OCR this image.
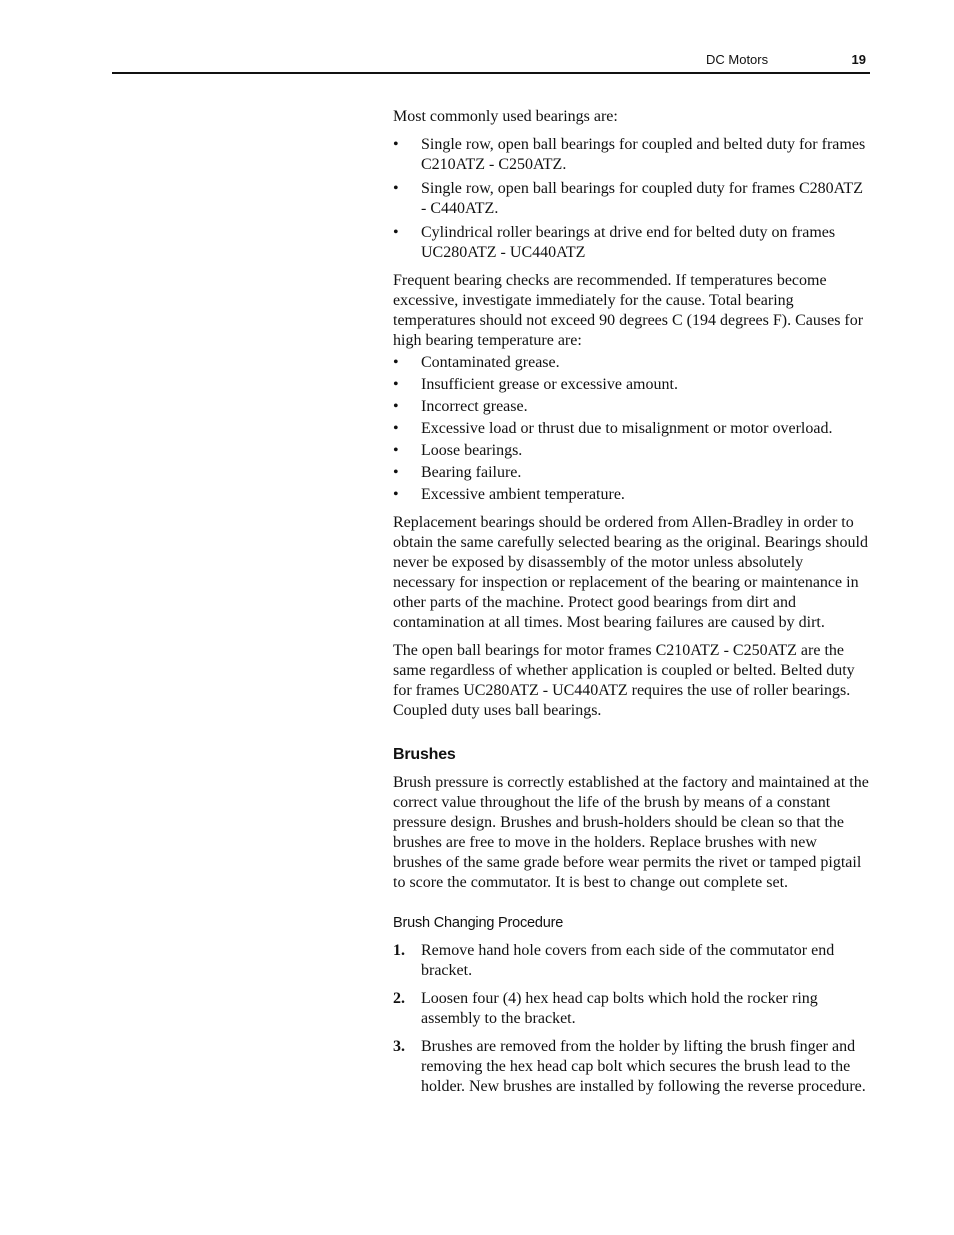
DC Motors	19

Most commonly used bearings are:

• Single row, open ball bearings for coupled and belted duty for frames C210ATZ - C250ATZ.
• Single row, open ball bearings for coupled duty for frames C280ATZ - C440ATZ.
• Cylindrical roller bearings at drive end for belted duty on frames UC280ATZ - UC440ATZ

Frequent bearing checks are recommended. If temperatures become excessive, investigate immediately for the cause. Total bearing temperatures should not exceed 90 degrees C (194 degrees F). Causes for high bearing temperature are:

• Contaminated grease.
• Insufficient grease or excessive amount.
• Incorrect grease.
• Excessive load or thrust due to misalignment or motor overload.
• Loose bearings.
• Bearing failure.
• Excessive ambient temperature.

Replacement bearings should be ordered from Allen-Bradley in order to obtain the same carefully selected bearing as the original. Bearings should never be exposed by disassembly of the motor unless absolutely necessary for inspection or replacement of the bearing or maintenance in other parts of the machine. Protect good bearings from dirt and contamination at all times. Most bearing failures are caused by dirt.

The open ball bearings for motor frames C210ATZ - C250ATZ are the same regardless of whether application is coupled or belted. Belted duty for frames UC280ATZ - UC440ATZ requires the use of roller bearings. Coupled duty uses ball bearings.

Brushes

Brush pressure is correctly established at the factory and maintained at the correct value throughout the life of the brush by means of a constant pressure design. Brushes and brush-holders should be clean so that the brushes are free to move in the holders. Replace brushes with new brushes of the same grade before wear permits the rivet or tamped pigtail to score the commutator. It is best to change out complete set.

Brush Changing Procedure
1. Remove hand hole covers from each side of the commutator end bracket.
2. Loosen four (4) hex head cap bolts which hold the rocker ring assembly to the bracket.
3. Brushes are removed from the holder by lifting the brush finger and removing the hex head cap bolt which secures the brush lead to the holder. New brushes are installed by following the reverse procedure.
